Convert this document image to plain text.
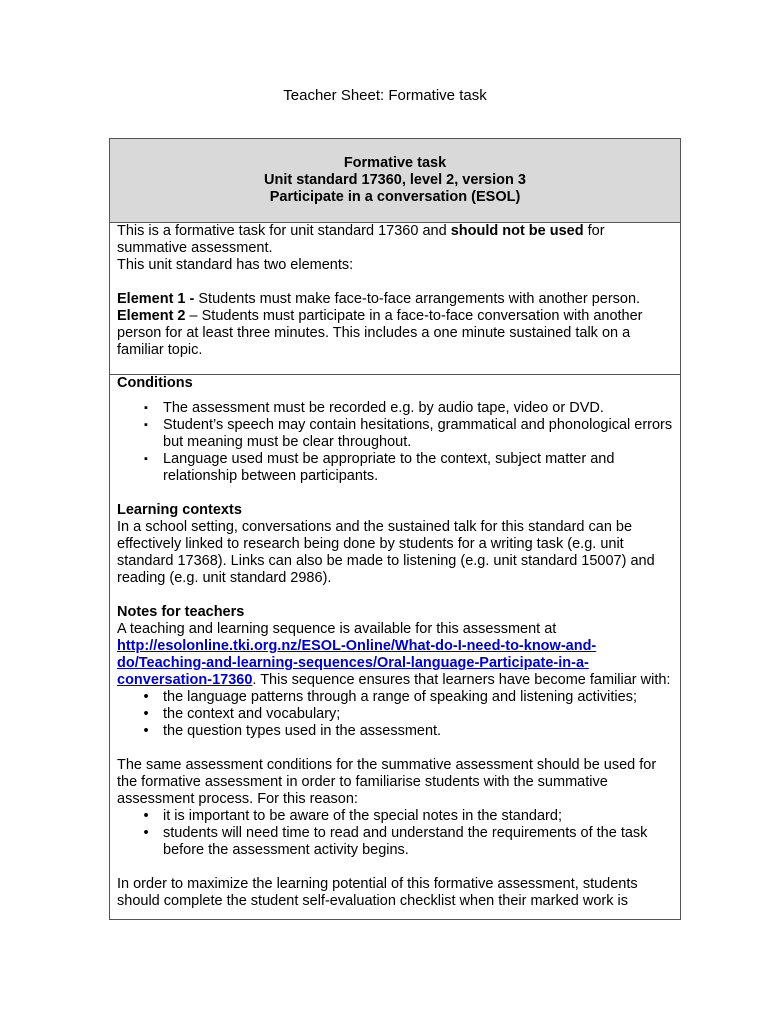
Teacher Sheet: Formative task
Formative task
Unit standard 17360, level 2, version 3
Participate in a conversation (ESOL)

This is a formative task for unit standard 17360 and should not be used for summative assessment.

This unit standard has two elements:

Element 1 - Students must make face-to-face arrangements with another person.

Element 2 – Students must participate in a face-to-face conversation with another person for at least three minutes. This includes a one minute sustained talk on a familiar topic.

Conditions

▪	The assessment must be recorded e.g. by audio tape, video or DVD.
▪	Student’s speech may contain hesitations, grammatical and phonological errors but meaning must be clear throughout.
▪	Language used must be appropriate to the context, subject matter and relationship between participants.

Learning contexts

In a school setting, conversations and the sustained talk for this standard can be effectively linked to research being done by students for a writing task (e.g. unit standard 17368). Links can also be made to listening (e.g. unit standard 15007) and reading (e.g. unit standard 2986).

Notes for teachers

A teaching and learning sequence is available for this assessment at http://esolonline.tki.org.nz/ESOL-Online/What-do-I-need-to-know-and-do/Teaching-and-learning-sequences/Oral-language-Participate-in-a-conversation-17360. This sequence ensures that learners have become familiar with:

• the language patterns through a range of speaking and listening activities;
• the context and vocabulary;
• the question types used in the assessment.

The same assessment conditions for the summative assessment should be used for the formative assessment in order to familiarise students with the summative assessment process. For this reason:

• it is important to be aware of the special notes in the standard;
• students will need time to read and understand the requirements of the task before the assessment activity begins.

In order to maximize the learning potential of this formative assessment, students should complete the student self-evaluation checklist when their marked work is
